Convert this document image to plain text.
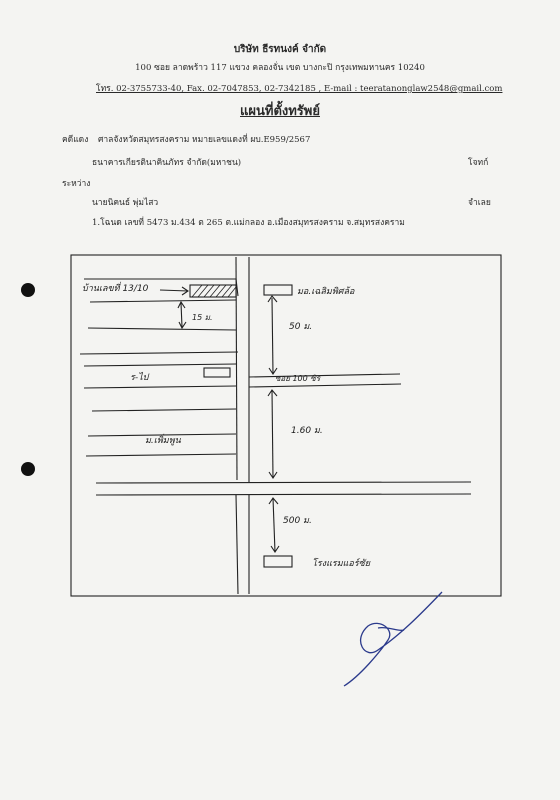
บริษัท ธีรทนงค์ จำกัด
100 ซอย ลาดพร้าว 117 แขวง คลองจั่น เขต บางกะปิ กรุงเทพมหานคร 10240
โทร. 02-3755733-40, Fax. 02-7047853, 02-7342185 , E-mail : teeratanonglaw2548@gmail.com
แผนที่ตั้งทรัพย์
คดีแดง ศาลจังหวัดสมุทรสงคราม หมายเลขแดงที่ ผบ.E959/2567
ธนาคารเกียรตินาคินภัทร จำกัด(มหาชน)	โจทก์
ระหว่าง
นายนิคนธ์ พุ่มไสว	จำเลย
1.โฉนด เลขที่ 5473 ม.434 ต 265 ต.แม่กลอง อ.เมืองสมุทรสงคราม จ.สมุทรสงคราม
บ้านเลขที่ 13/10
15 ม.
มอ.เฉลิมพิศล้อ
50 ม.
ร-ไป	ซอย 100 ซิร
1.60 ม.
ม.เพิ่มพูน
500 ม.
โรงแรมแอร์ซัย
